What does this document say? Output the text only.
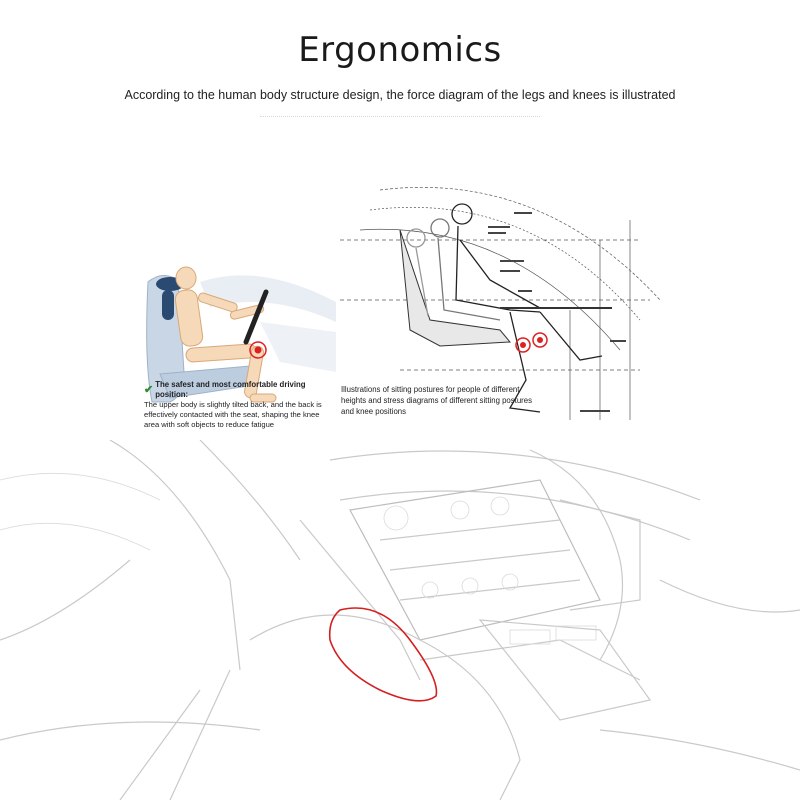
Ergonomics
According to the human body structure design, the force diagram of the legs and knees is illustrated
✔ The safest and most comfortable driving position:
The upper body is slightly tilted back, and the back is effectively contacted with the seat, shaping the knee area with soft objects to reduce fatigue
Illustrations of sitting postures for people of different heights and stress diagrams of different sitting postures and knee positions
